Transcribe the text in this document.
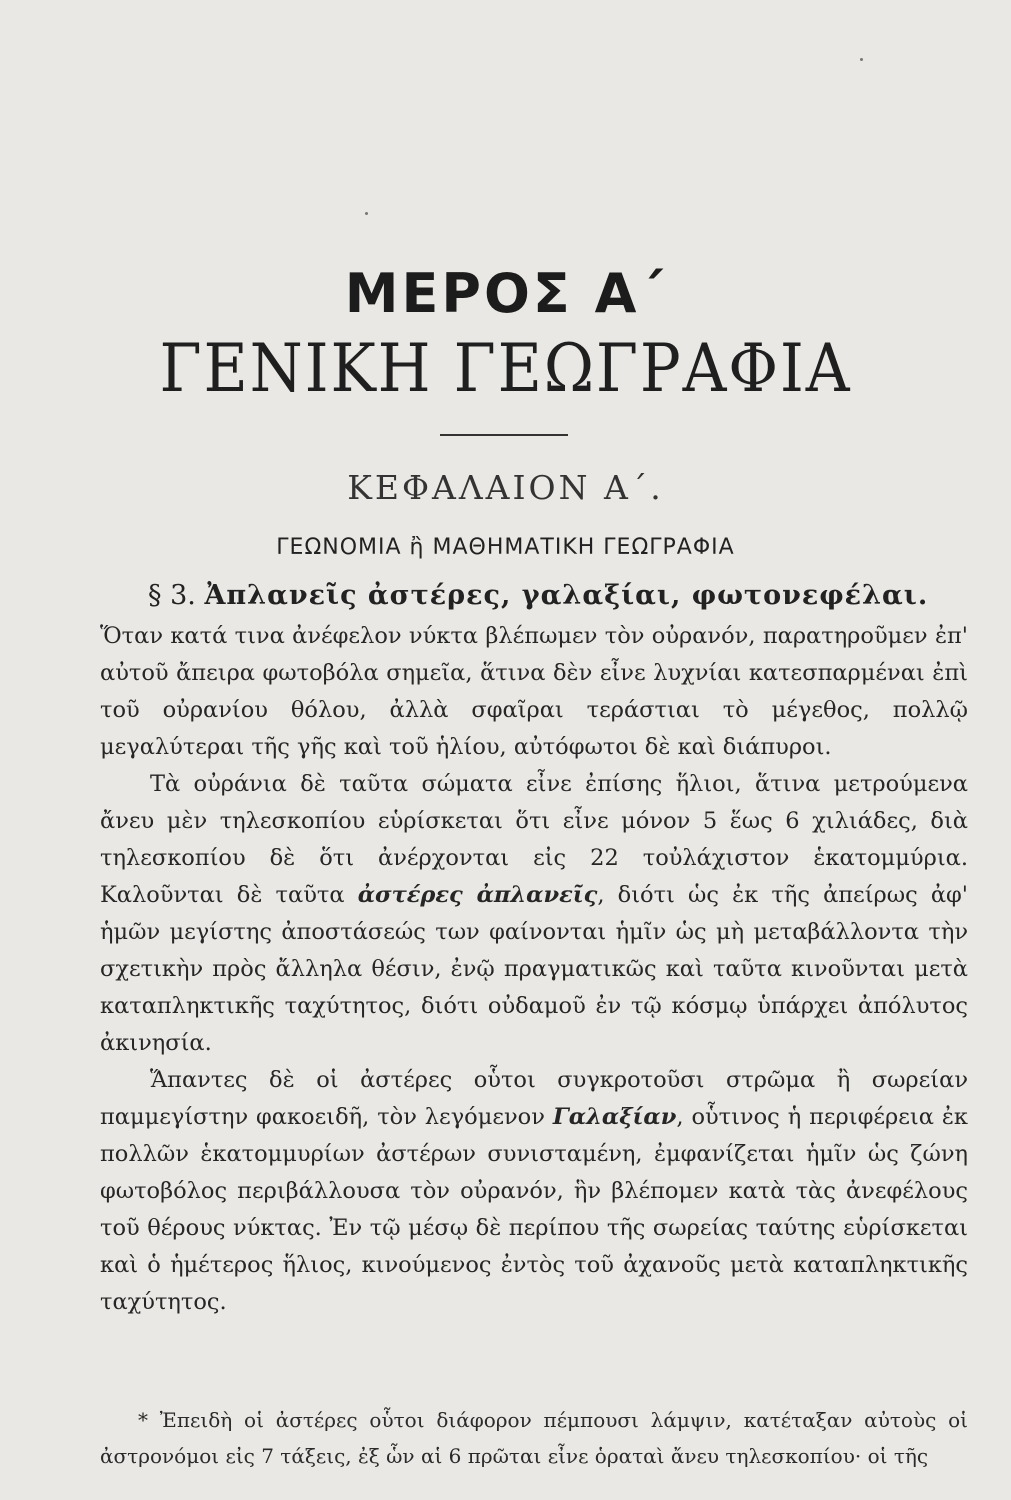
ΜΕΡΟΣ Α΄
ΓΕΝΙΚΗ ΓΕΩΓΡΑΦΙΑ
ΚΕΦΑΛΑΙΟΝ Α΄.
ΓΕΩΝΟΜΙΑ ἢ ΜΑΘΗΜΑΤΙΚΗ ΓΕΩΓΡΑΦΙΑ
§ 3. Ἀπλανεῖς ἀστέρες, γαλαξίαι, φωτονεφέλαι.

Ὅταν κατά τινα ἀνέφελον νύκτα βλέπωμεν τὸν οὐρανόν, παρατηροῦμεν ἐπ' αὐτοῦ ἄπειρα φωτοβόλα σημεῖα, ἅτινα δὲν εἶνε λυχνίαι κατεσπαρμέναι ἐπὶ τοῦ οὐρανίου θόλου, ἀλλὰ σφαῖραι τεράστιαι τὸ μέγεθος, πολλῷ μεγαλύτεραι τῆς γῆς καὶ τοῦ ἡλίου, αὐτόφωτοι δὲ καὶ διάπυροι.

Τὰ οὐράνια δὲ ταῦτα σώματα εἶνε ἐπίσης ἥλιοι, ἅτινα μετρούμενα ἄνευ μὲν τηλεσκοπίου εὑρίσκεται ὅτι εἶνε μόνον 5 ἕως 6 χιλιάδες, διὰ τηλεσκοπίου δὲ ὅτι ἀνέρχονται εἰς 22 τοὐλάχιστον ἑκατομμύρια. Καλοῦνται δὲ ταῦτα ἀστέρες ἀπλανεῖς, διότι ὡς ἐκ τῆς ἀπείρως ἀφ' ἡμῶν μεγίστης ἀποστάσεώς των φαίνονται ἡμῖν ὡς μὴ μεταβάλλοντα τὴν σχετικὴν πρὸς ἄλληλα θέσιν, ἐνῷ πραγματικῶς καὶ ταῦτα κινοῦνται μετὰ καταπληκτικῆς ταχύτητος, διότι οὐδαμοῦ ἐν τῷ κόσμῳ ὑπάρχει ἀπόλυτος ἀκινησία.

Ἅπαντες δὲ οἱ ἀστέρες οὗτοι συγκροτοῦσι στρῶμα ἢ σωρείαν παμμεγίστην φακοειδῆ, τὸν λεγόμενον Γαλαξίαν, οὗτινος ἡ περιφέρεια ἐκ πολλῶν ἑκατομμυρίων ἀστέρων συνισταμένη, ἐμφανίζεται ἡμῖν ὡς ζώνη φωτοβόλος περιβάλλουσα τὸν οὐρανόν, ἣν βλέπομεν κατὰ τὰς ἀνεφέλους τοῦ θέρους νύκτας. Ἐν τῷ μέσῳ δὲ περίπου τῆς σωρείας ταύτης εὑρίσκεται καὶ ὁ ἡμέτερος ἥλιος, κινούμενος ἐντὸς τοῦ ἀχανοῦς μετὰ καταπληκτικῆς ταχύτητος.

* Ἐπειδὴ οἱ ἀστέρες οὗτοι διάφορον πέμπουσι λάμψιν, κατέταξαν αὐτοὺς οἱ ἀστρονόμοι εἰς 7 τάξεις, ἐξ ὧν αἱ 6 πρῶται εἶνε ὁραταὶ ἄνευ τηλεσκοπίου· οἱ τῆς
